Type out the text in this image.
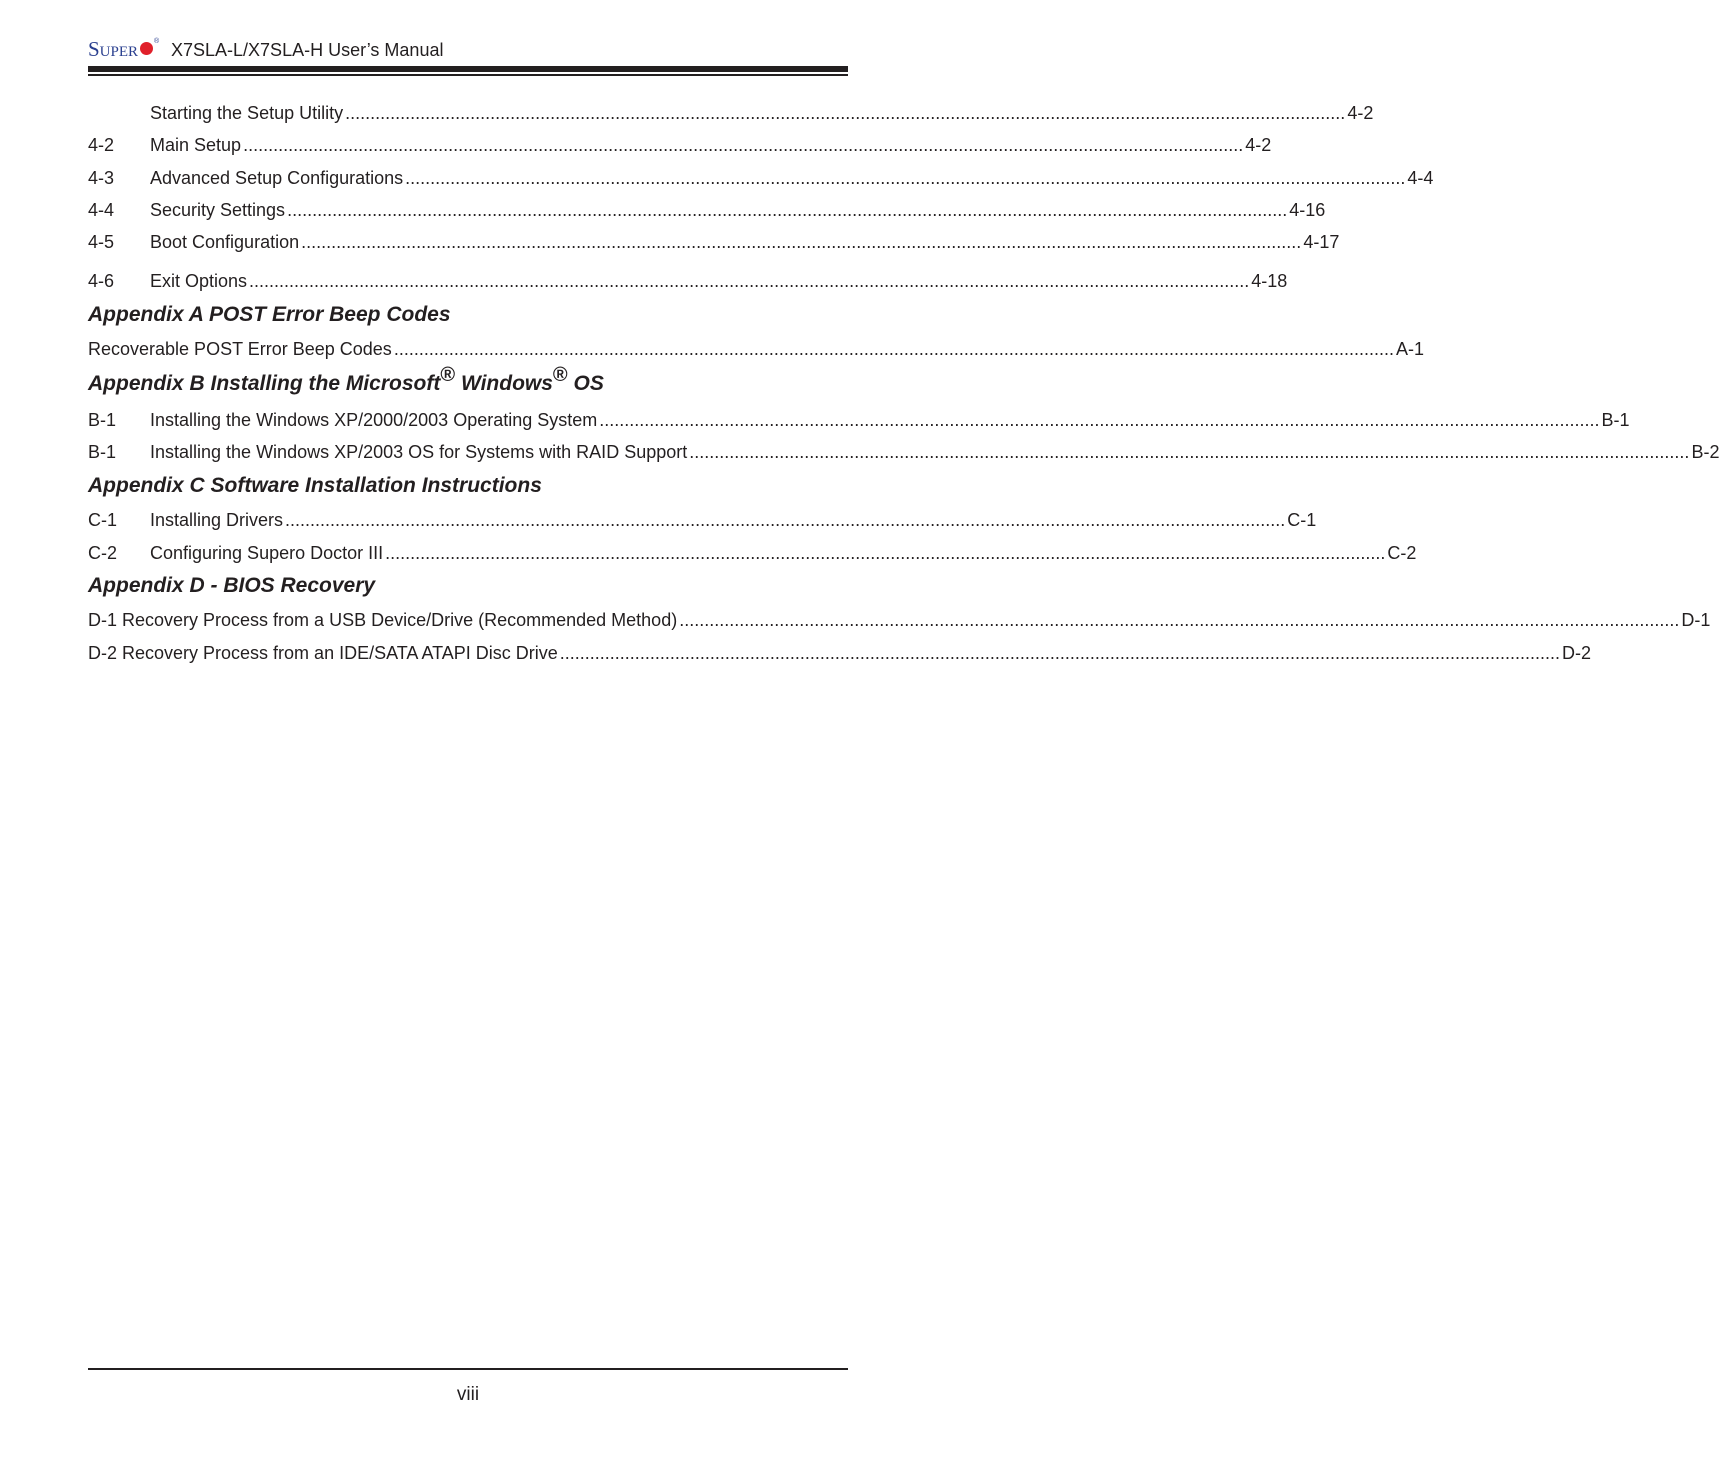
Super ® X7SLA-L/X7SLA-H User’s Manual
Starting the Setup Utility ........................................................................................................................................................................................................ 4-2
4-2	Main Setup ........................................................................................................................................................................................................ 4-2
4-3	Advanced Setup Configurations ........................................................................................................................................................................................................ 4-4
4-4	Security Settings ........................................................................................................................................................................................................ 4-16
4-5	Boot Configuration ........................................................................................................................................................................................................ 4-17
4-6	Exit Options ........................................................................................................................................................................................................ 4-18
Appendix A POST Error Beep Codes
Recoverable POST Error Beep Codes ........................................................................................................................................................................................................ A-1
Appendix B Installing the Microsoft® Windows® OS
B-1	Installing the Windows XP/2000/2003 Operating System ........................................................................................................................................................................................................ B-1
B-1	Installing the Windows XP/2003 OS for Systems with RAID Support ........................................................................................................................................................................................................ B-2
Appendix C Software Installation Instructions
C-1	Installing Drivers ........................................................................................................................................................................................................ C-1
C-2	Configuring Supero Doctor III ........................................................................................................................................................................................................ C-2
Appendix D - BIOS Recovery
D-1 Recovery Process from a USB Device/Drive (Recommended Method) ........................................................................................................................................................................................................ D-1
D-2 Recovery Process from an IDE/SATA ATAPI Disc Drive ........................................................................................................................................................................................................ D-2
viii
